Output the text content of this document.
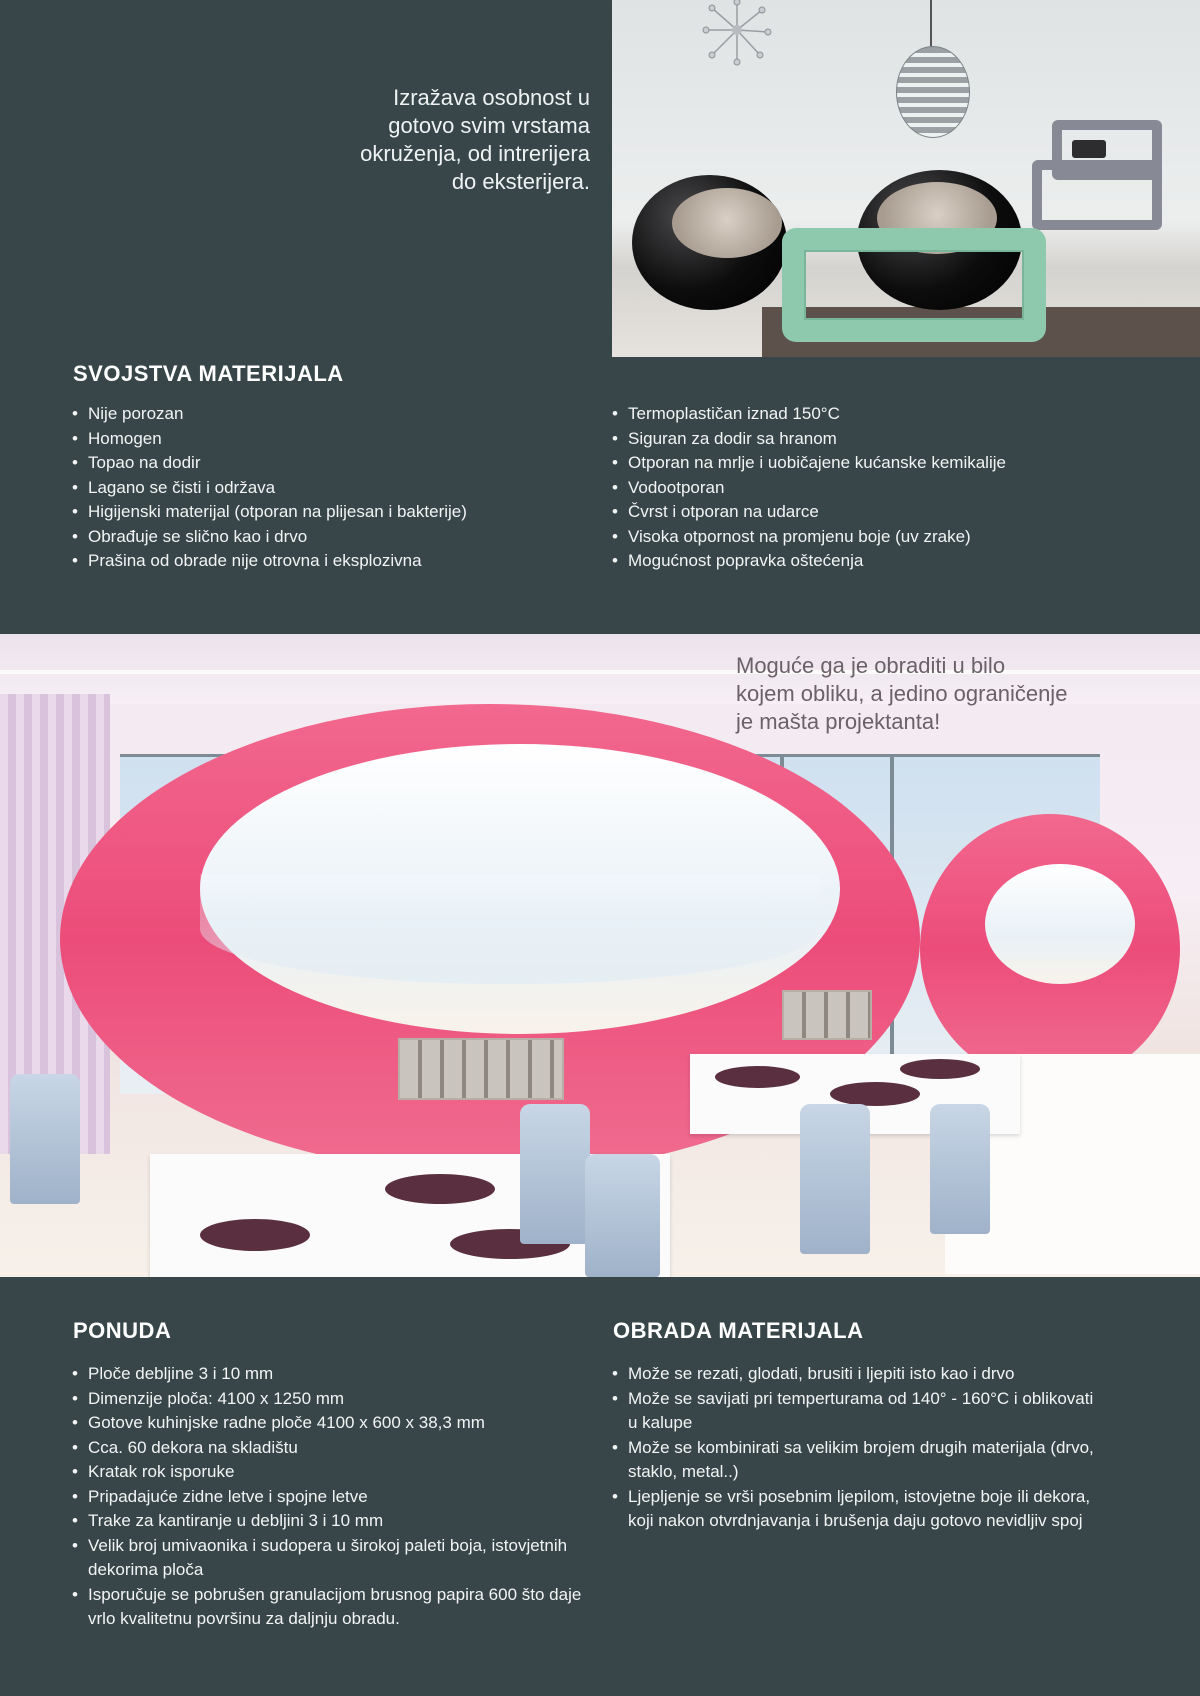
Izražava osobnost u
gotovo svim vrstama
okruženja, od intrerijera
do eksterijera.
SVOJSTVA MATERIJALA
• Nije porozan
• Homogen
• Topao na dodir
• Lagano se čisti i održava
• Higijenski materijal (otporan na plijesan i bakterije)
• Obrađuje se slično kao i drvo
• Prašina od obrade nije otrovna i eksplozivna
• Termoplastičan iznad 150°C
• Siguran za dodir sa hranom
• Otporan na mrlje i uobičajene kućanske kemikalije
• Vodootporan
• Čvrst i otporan na udarce
• Visoka otpornost na promjenu boje (uv zrake)
• Mogućnost popravka oštećenja
Moguće ga je obraditi u bilo
kojem obliku, a jedino ograničenje
je mašta projektanta!
PONUDA
• Ploče debljine 3 i 10 mm
• Dimenzije ploča: 4100 x 1250 mm
• Gotove kuhinjske radne ploče 4100 x 600 x 38,3 mm
• Cca. 60 dekora na skladištu
• Kratak rok isporuke
• Pripadajuće zidne letve i spojne letve
• Trake za kantiranje u debljini 3 i 10 mm
• Velik broj umivaonika i sudopera u širokoj paleti boja, istovjetnih dekorima ploča
• Isporučuje se pobrušen granulacijom brusnog papira 600 što daje vrlo kvalitetnu površinu za daljnju obradu.
OBRADA MATERIJALA
• Može se rezati, glodati, brusiti i ljepiti isto kao i drvo
• Može se savijati pri temperturama od 140° - 160°C i oblikovati u kalupe
• Može se kombinirati sa velikim brojem drugih materijala (drvo, staklo, metal..)
• Ljepljenje se vrši posebnim ljepilom, istovjetne boje ili dekora, koji nakon otvrdnjavanja i brušenja daju gotovo nevidljiv spoj
